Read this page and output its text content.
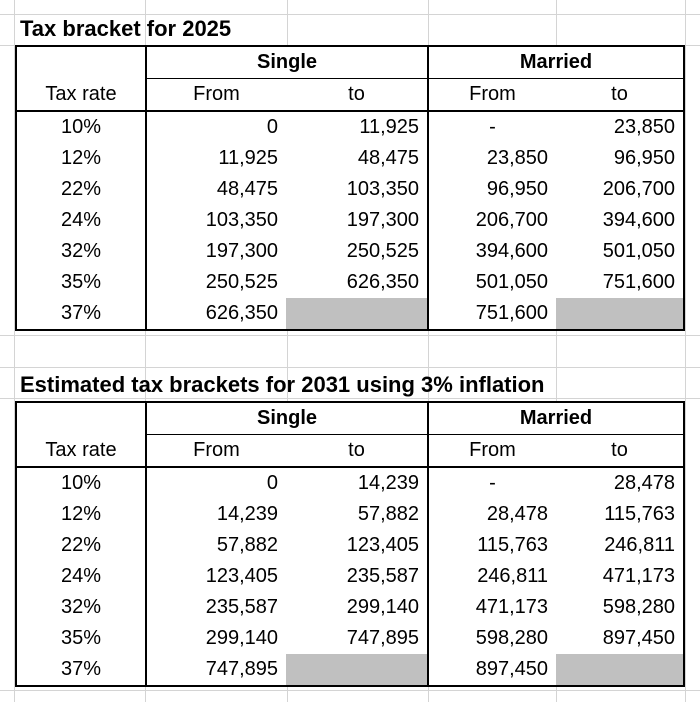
Tax bracket for 2025
	Single		Married	
Tax rate	From	to	From	to
10%	0	11,925	-	23,850
12%	11,925	48,475	23,850	96,950
22%	48,475	103,350	96,950	206,700
24%	103,350	197,300	206,700	394,600
32%	197,300	250,525	394,600	501,050
35%	250,525	626,350	501,050	751,600
37%	626,350		751,600	
Estimated tax brackets for 2031 using 3% inflation
	Single		Married	
Tax rate	From	to	From	to
10%	0	14,239	-	28,478
12%	14,239	57,882	28,478	115,763
22%	57,882	123,405	115,763	246,811
24%	123,405	235,587	246,811	471,173
32%	235,587	299,140	471,173	598,280
35%	299,140	747,895	598,280	897,450
37%	747,895		897,450	
